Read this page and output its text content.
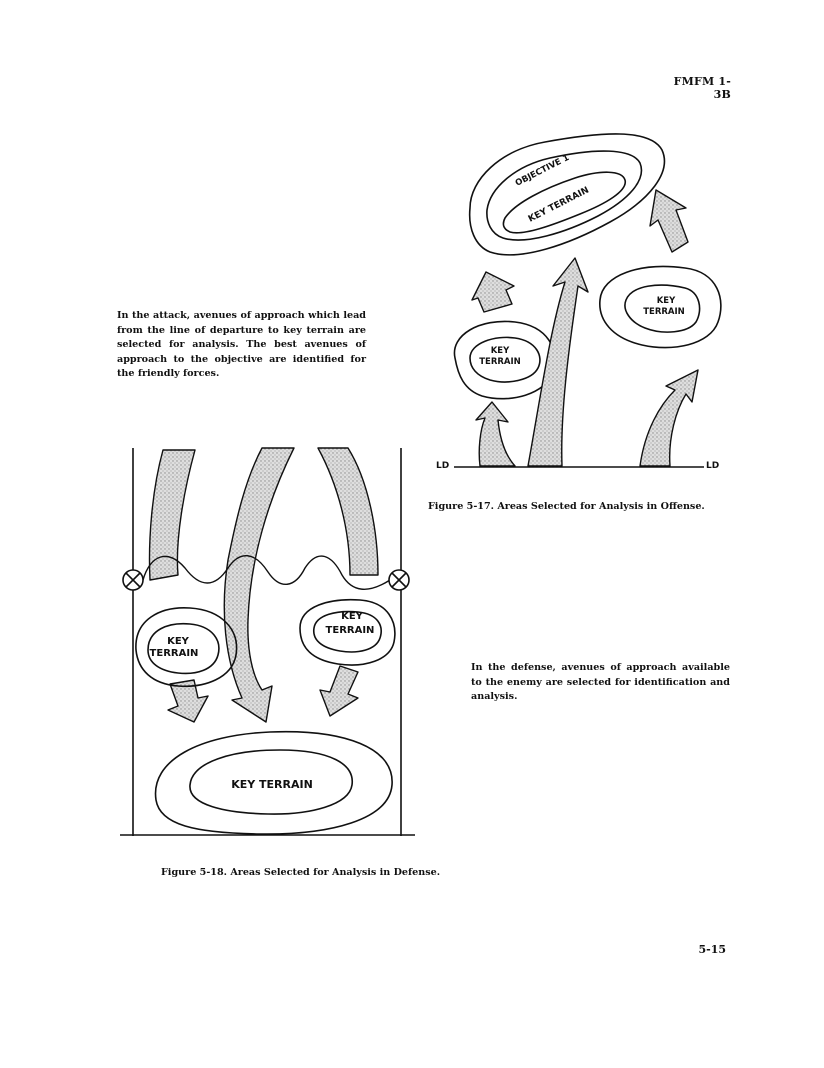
FMFM 1-3B
In the attack, avenues of approach which lead from the line of departure to key terrain are selected for analysis. The best avenues of approach to the objective are identified for the friendly forces.
OBJECTIVE 1
KEY TERRAIN
KEY
TERRAIN
KEY
TERRAIN
KEY
TERRAIN
KEY
TERRAIN
KEY TERRAIN
LD	LD
Figure 5-17. Areas Selected for Analysis in Offense.
In the defense, avenues of approach available to the enemy are selected for identification and analysis.
Figure 5-18. Areas Selected for Analysis in Defense.
5-15
